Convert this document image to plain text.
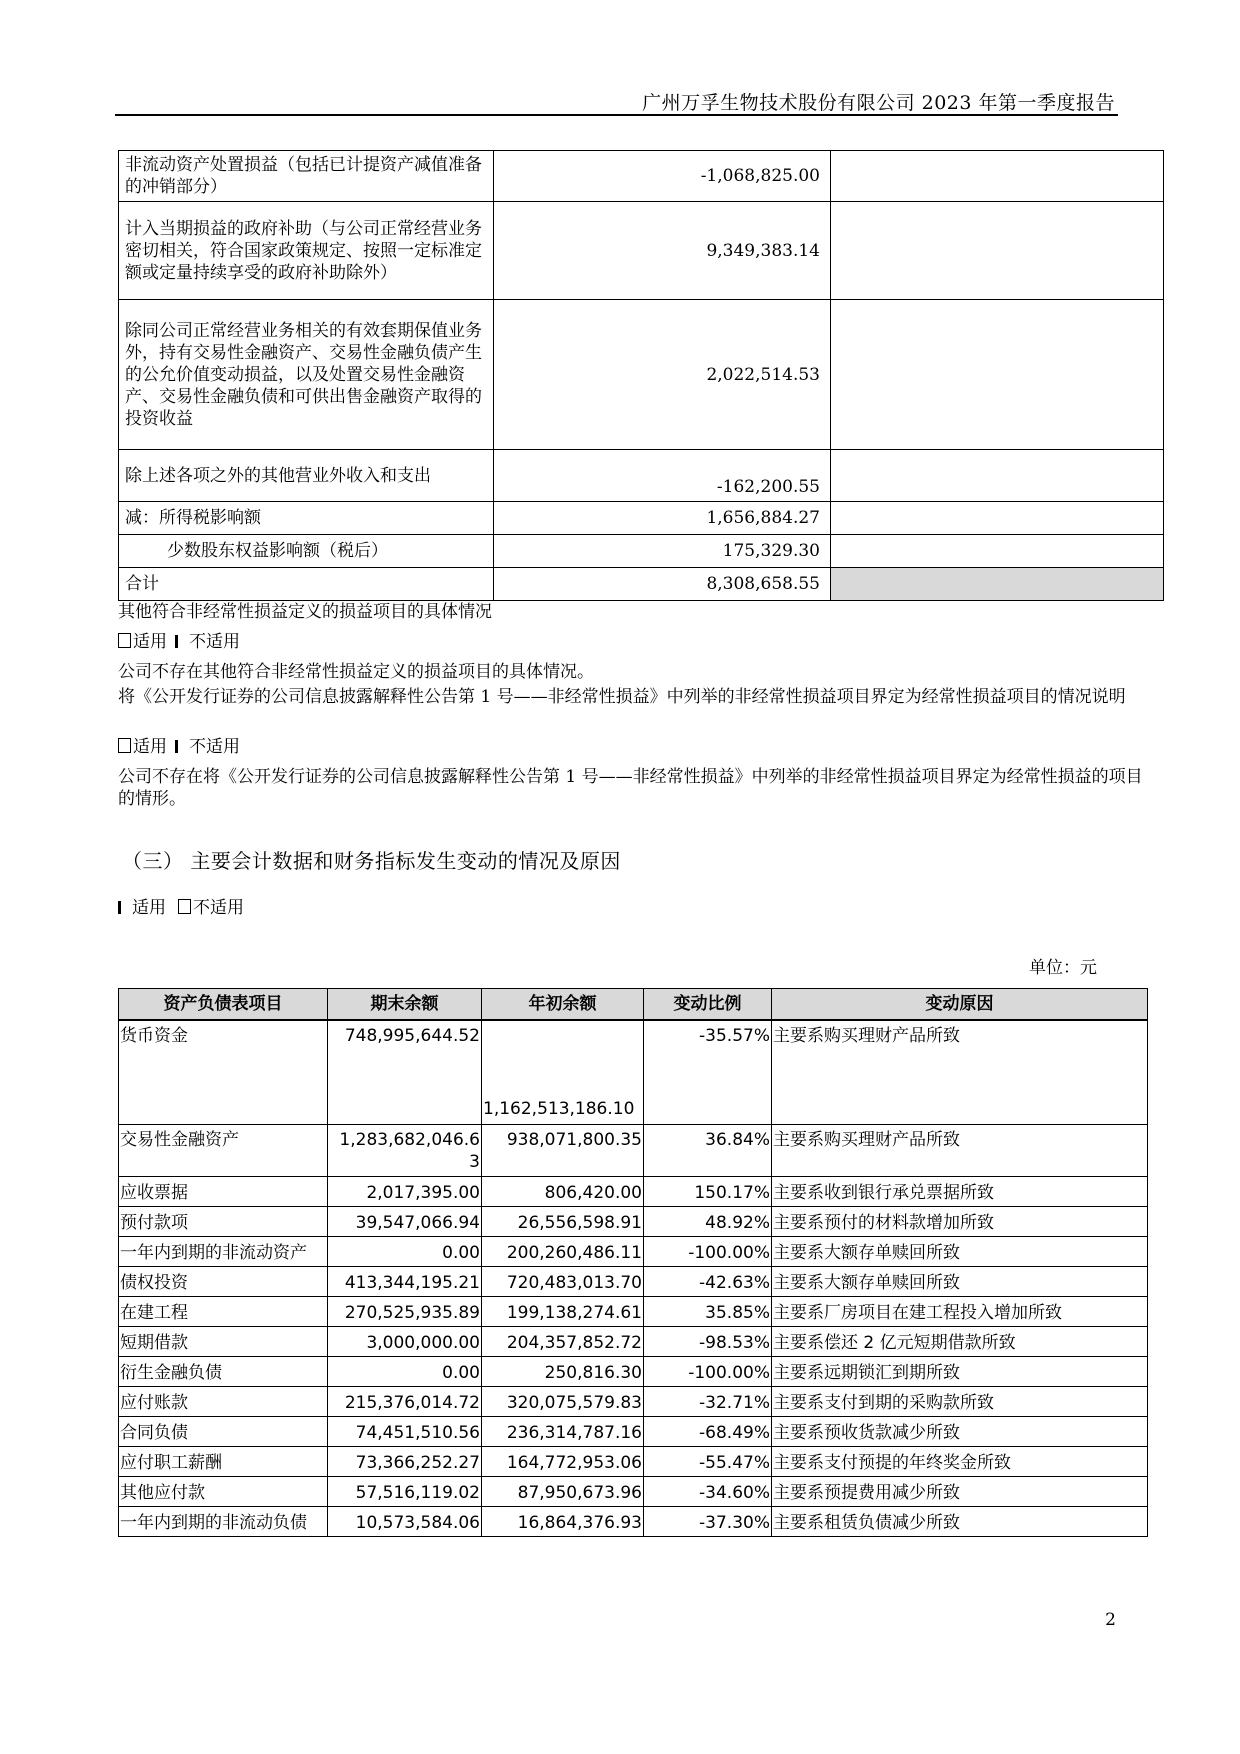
广州万孚生物技术股份有限公司 2023 年第一季度报告
非流动资产处置损益（包括已计提资产减值准备的冲销部分）	-1,068,825.00	
计入当期损益的政府补助（与公司正常经营业务密切相关，符合国家政策规定、按照一定标准定额或定量持续享受的政府补助除外）	9,349,383.14	
除同公司正常经营业务相关的有效套期保值业务外，持有交易性金融资产、交易性金融负债产生的公允价值变动损益，以及处置交易性金融资产、交易性金融负债和可供出售金融资产取得的投资收益	2,022,514.53	
除上述各项之外的其他营业外收入和支出	-162,200.55	
减：所得税影响额	1,656,884.27	
少数股东权益影响额（税后）	175,329.30	
合计	8,308,658.55	
其他符合非经常性损益定义的损益项目的具体情况
适用 不适用
公司不存在其他符合非经常性损益定义的损益项目的具体情况。
将《公开发行证券的公司信息披露解释性公告第 1 号——非经常性损益》中列举的非经常性损益项目界定为经常性损益项目的情况说明
适用 不适用
公司不存在将《公开发行证券的公司信息披露解释性公告第 1 号——非经常性损益》中列举的非经常性损益项目界定为经常性损益的项目的情形。
（三） 主要会计数据和财务指标发生变动的情况及原因
适用 不适用
单位：元
资产负债表项目	期末余额	年初余额	变动比例	变动原因
货币资金	748,995,644.52	1,162,513,186.10	-35.57%	主要系购买理财产品所致
交易性金融资产	1,283,682,046.63	938,071,800.35	36.84%	主要系购买理财产品所致
应收票据	2,017,395.00	806,420.00	150.17%	主要系收到银行承兑票据所致
预付款项	39,547,066.94	26,556,598.91	48.92%	主要系预付的材料款增加所致
一年内到期的非流动资产	0.00	200,260,486.11	-100.00%	主要系大额存单赎回所致
债权投资	413,344,195.21	720,483,013.70	-42.63%	主要系大额存单赎回所致
在建工程	270,525,935.89	199,138,274.61	35.85%	主要系厂房项目在建工程投入增加所致
短期借款	3,000,000.00	204,357,852.72	-98.53%	主要系偿还 2 亿元短期借款所致
衍生金融负债	0.00	250,816.30	-100.00%	主要系远期锁汇到期所致
应付账款	215,376,014.72	320,075,579.83	-32.71%	主要系支付到期的采购款所致
合同负债	74,451,510.56	236,314,787.16	-68.49%	主要系预收货款减少所致
应付职工薪酬	73,366,252.27	164,772,953.06	-55.47%	主要系支付预提的年终奖金所致
其他应付款	57,516,119.02	87,950,673.96	-34.60%	主要系预提费用减少所致
一年内到期的非流动负债	10,573,584.06	16,864,376.93	-37.30%	主要系租赁负债减少所致
2
